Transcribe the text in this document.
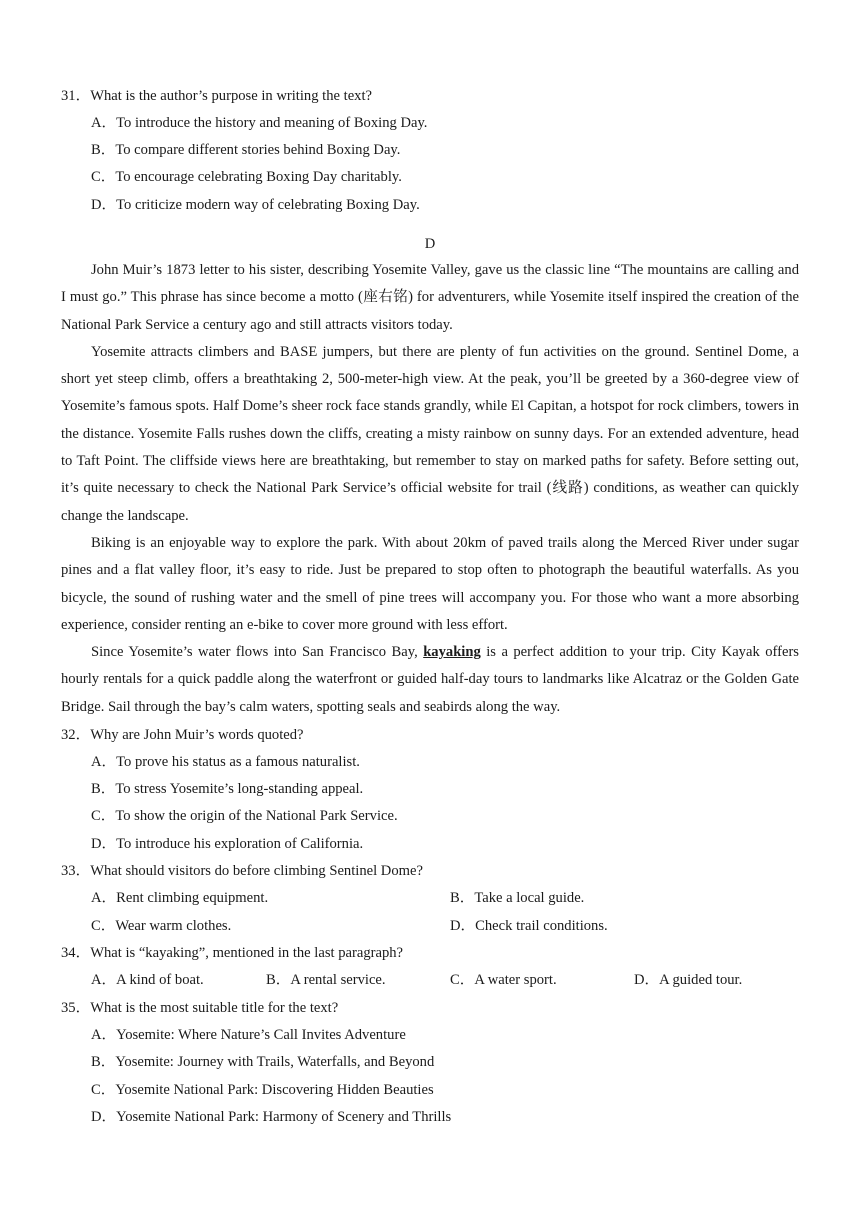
31．What is the author’s purpose in writing the text?
A．To introduce the history and meaning of Boxing Day.
B．To compare different stories behind Boxing Day.
C．To encourage celebrating Boxing Day charitably.
D．To criticize modern way of celebrating Boxing Day.
D

John Muir’s 1873 letter to his sister, describing Yosemite Valley, gave us the classic line “The mountains are calling and I must go.” This phrase has since become a motto (座右铭) for adventurers, while Yosemite itself inspired the creation of the National Park Service a century ago and still attracts visitors today.

Yosemite attracts climbers and BASE jumpers, but there are plenty of fun activities on the ground. Sentinel Dome, a short yet steep climb, offers a breathtaking 2, 500-meter-high view. At the peak, you’ll be greeted by a 360-degree view of Yosemite’s famous spots. Half Dome’s sheer rock face stands grandly, while El Capitan, a hotspot for rock climbers, towers in the distance. Yosemite Falls rushes down the cliffs, creating a misty rainbow on sunny days. For an extended adventure, head to Taft Point. The cliffside views here are breathtaking, but remember to stay on marked paths for safety. Before setting out, it’s quite necessary to check the National Park Service’s official website for trail (线路) conditions, as weather can quickly change the landscape.

Biking is an enjoyable way to explore the park. With about 20km of paved trails along the Merced River under sugar pines and a flat valley floor, it’s easy to ride. Just be prepared to stop often to photograph the beautiful waterfalls. As you bicycle, the sound of rushing water and the smell of pine trees will accompany you. For those who want a more absorbing experience, consider renting an e-bike to cover more ground with less effort.

Since Yosemite’s water flows into San Francisco Bay, kayaking is a perfect addition to your trip. City Kayak offers hourly rentals for a quick paddle along the waterfront or guided half-day tours to landmarks like Alcatraz or the Golden Gate Bridge. Sail through the bay’s calm waters, spotting seals and seabirds along the way.

32．Why are John Muir’s words quoted?
A．To prove his status as a famous naturalist.
B．To stress Yosemite’s long-standing appeal.
C．To show the origin of the National Park Service.
D．To introduce his exploration of California.
33．What should visitors do before climbing Sentinel Dome?
A．Rent climbing equipment.	B．Take a local guide.
C．Wear warm clothes.	D．Check trail conditions.
34．What is “kayaking”, mentioned in the last paragraph?
A．A kind of boat.	B．A rental service.	C．A water sport.	D．A guided tour.
35．What is the most suitable title for the text?
A．Yosemite: Where Nature’s Call Invites Adventure
B．Yosemite: Journey with Trails, Waterfalls, and Beyond
C．Yosemite National Park: Discovering Hidden Beauties
D．Yosemite National Park: Harmony of Scenery and Thrills
